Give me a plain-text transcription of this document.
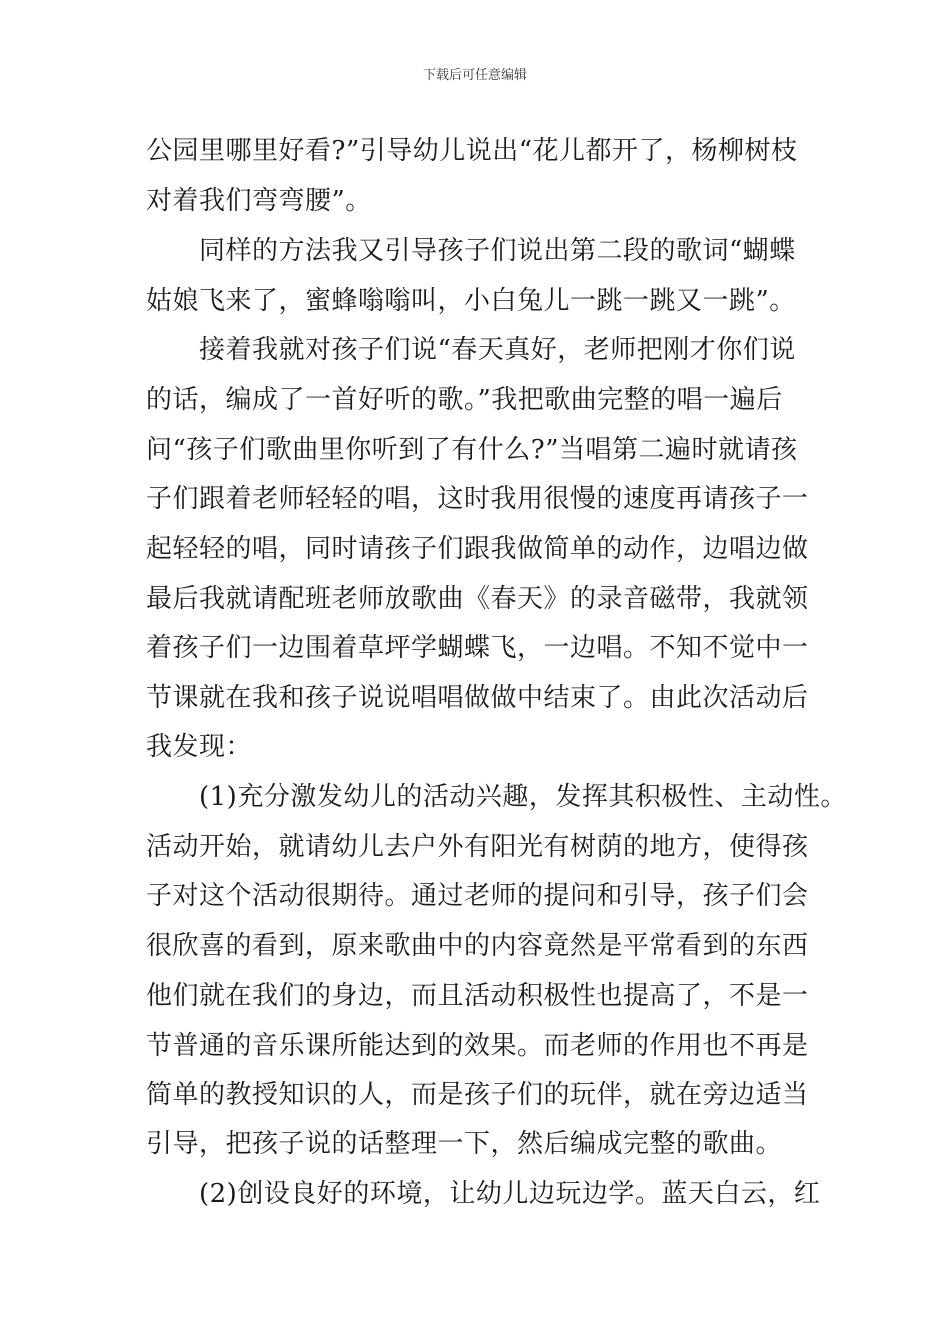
下载后可任意编辑
公园里哪里好看?”引导幼儿说出“花儿都开了，杨柳树枝
对着我们弯弯腰”。
　　同样的方法我又引导孩子们说出第二段的歌词“蝴蝶
姑娘飞来了，蜜蜂嗡嗡叫，小白兔儿一跳一跳又一跳”。
　　接着我就对孩子们说“春天真好，老师把刚才你们说
的话，编成了一首好听的歌。”我把歌曲完整的唱一遍后
问“孩子们歌曲里你听到了有什么?”当唱第二遍时就请孩
子们跟着老师轻轻的唱，这时我用很慢的速度再请孩子一
起轻轻的唱，同时请孩子们跟我做简单的动作，边唱边做
最后我就请配班老师放歌曲《春天》的录音磁带，我就领
着孩子们一边围着草坪学蝴蝶飞，一边唱。不知不觉中一
节课就在我和孩子说说唱唱做做中结束了。由此次活动后
我发现：
　　(1)充分激发幼儿的活动兴趣，发挥其积极性、主动性。
活动开始，就请幼儿去户外有阳光有树荫的地方，使得孩
子对这个活动很期待。通过老师的提问和引导，孩子们会
很欣喜的看到，原来歌曲中的内容竟然是平常看到的东西
他们就在我们的身边，而且活动积极性也提高了，不是一
节普通的音乐课所能达到的效果。而老师的作用也不再是
简单的教授知识的人，而是孩子们的玩伴，就在旁边适当
引导，把孩子说的话整理一下，然后编成完整的歌曲。
　　(2)创设良好的环境，让幼儿边玩边学。蓝天白云，红
